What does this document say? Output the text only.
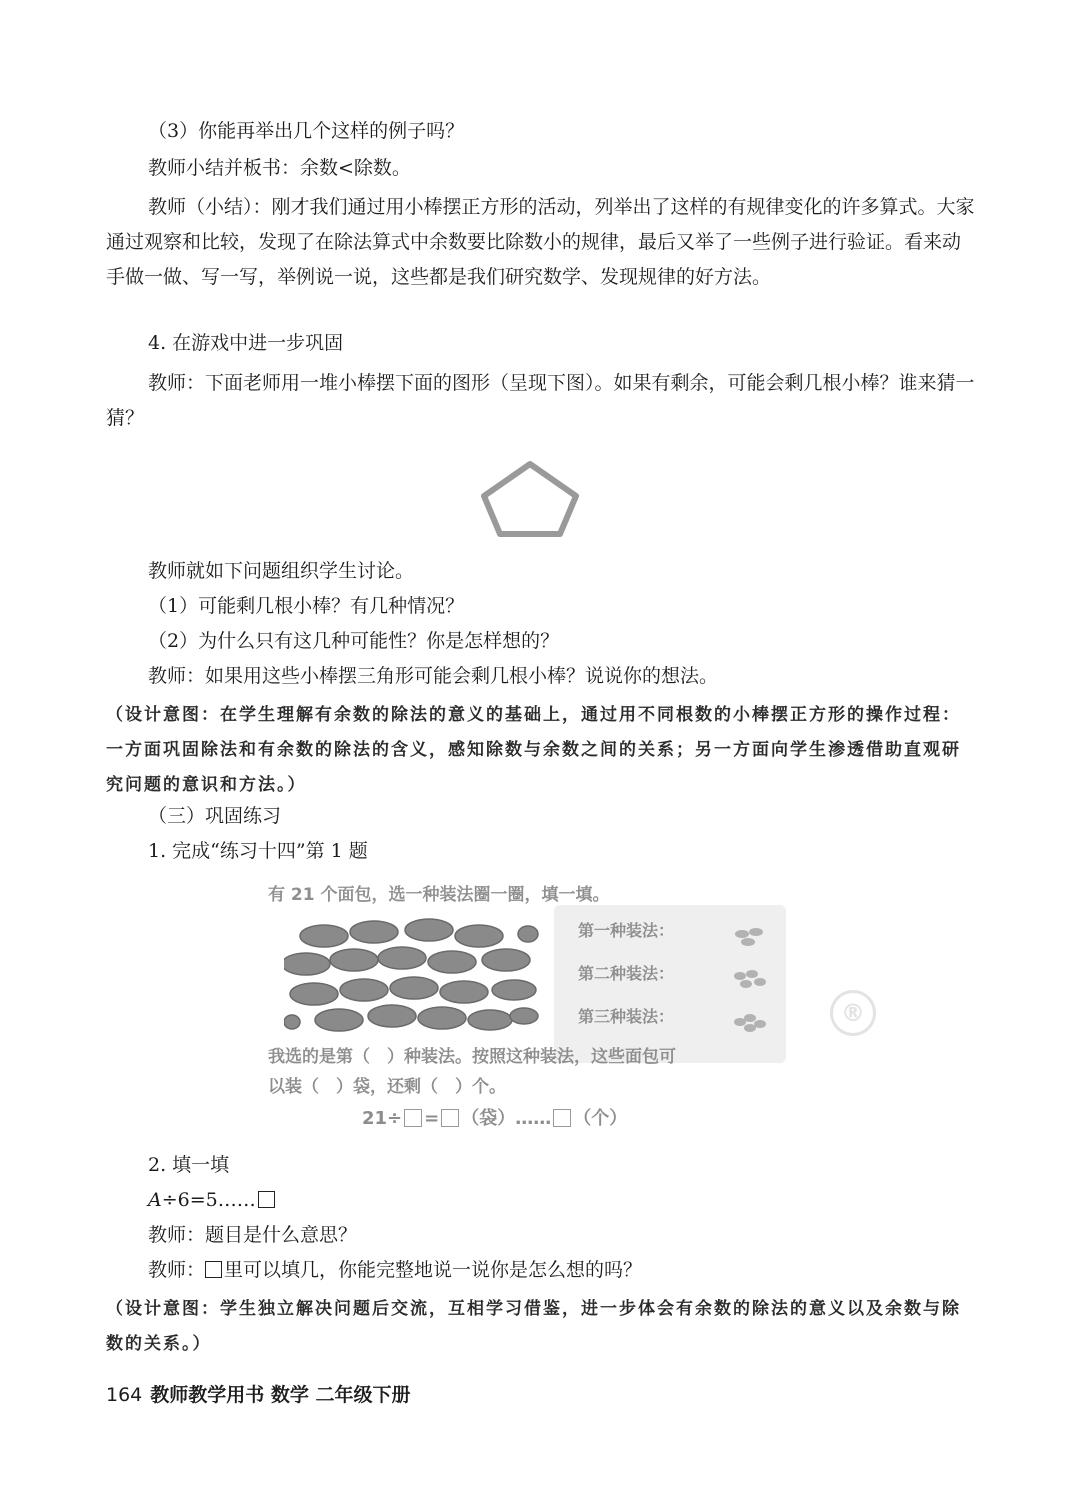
（3）你能再举出几个这样的例子吗？
教师小结并板书：余数<除数。
教师（小结）：刚才我们通过用小棒摆正方形的活动，列举出了这样的有规律变化的许多算式。大家通过观察和比较，发现了在除法算式中余数要比除数小的规律，最后又举了一些例子进行验证。看来动手做一做、写一写，举例说一说，这些都是我们研究数学、发现规律的好方法。
4. 在游戏中进一步巩固
教师：下面老师用一堆小棒摆下面的图形（呈现下图）。如果有剩余，可能会剩几根小棒？谁来猜一猜？
教师就如下问题组织学生讨论。
（1）可能剩几根小棒？有几种情况？
（2）为什么只有这几种可能性？你是怎样想的？
教师：如果用这些小棒摆三角形可能会剩几根小棒？说说你的想法。
（设计意图：在学生理解有余数的除法的意义的基础上，通过用不同根数的小棒摆正方形的操作过程：一方面巩固除法和有余数的除法的含义，感知除数与余数之间的关系；另一方面向学生渗透借助直观研究问题的意识和方法。）
（三）巩固练习
1. 完成“练习十四”第 1 题
有 21 个面包，选一种装法圈一圈，填一填。
第一种装法：
第二种装法：
第三种装法：
我选的是第（　）种装法。按照这种装法，这些面包可
以装（　）袋，还剩（　）个。
21÷ = （袋）…… （个）
®
2. 填一填
A÷6=5……
教师：题目是什么意思？
教师： 里可以填几，你能完整地说一说你是怎么想的吗？
（设计意图：学生独立解决问题后交流，互相学习借鉴，进一步体会有余数的除法的意义以及余数与除数的关系。）
164 教师教学用书 数学 二年级下册
